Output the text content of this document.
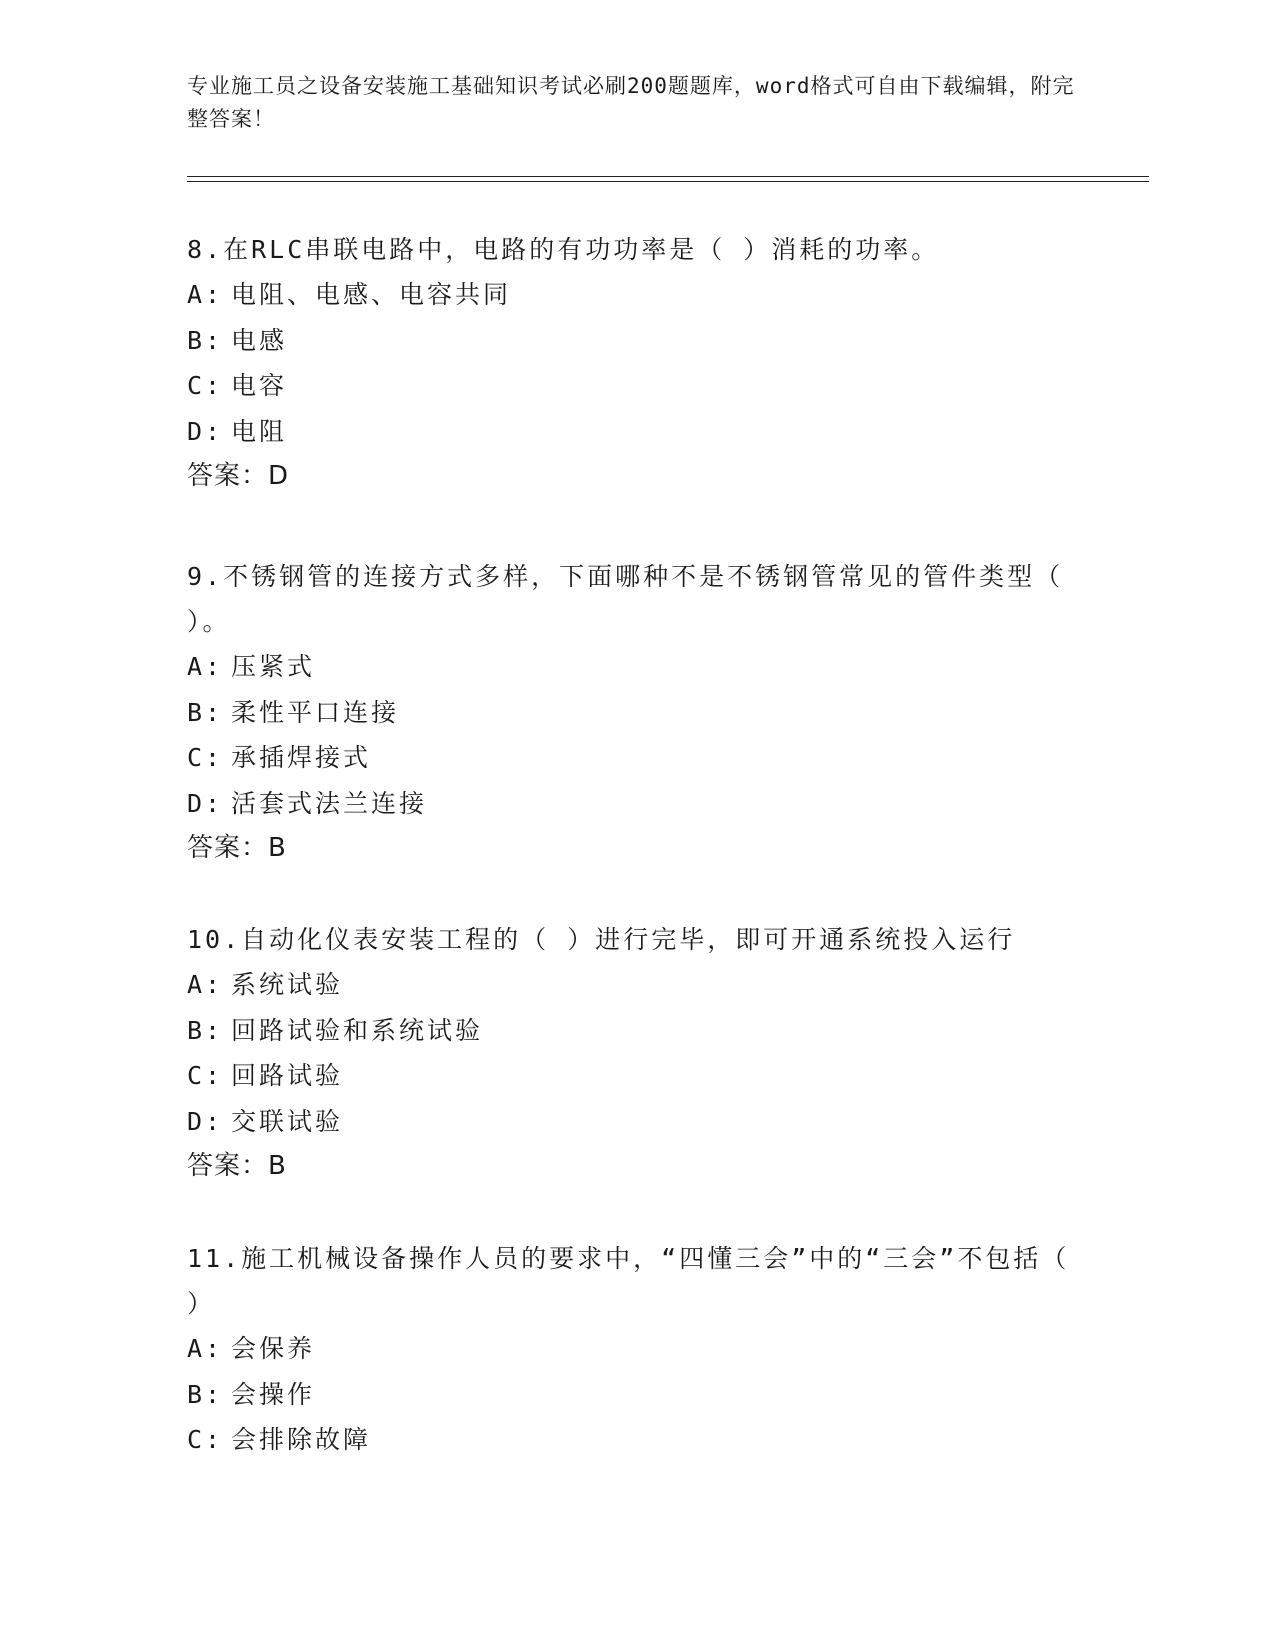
专业施工员之设备安装施工基础知识考试必刷200题题库，word格式可自由下载编辑，附完整答案！

8.在RLC串联电路中，电路的有功功率是（ ）消耗的功率。

A: 电阻、电感、电容共同

B: 电感

C: 电容

D: 电阻

答案：D

9.不锈钢管的连接方式多样，下面哪种不是不锈钢管常见的管件类型（ ）。

A: 压紧式

B: 柔性平口连接

C: 承插焊接式

D: 活套式法兰连接

答案：B

10.自动化仪表安装工程的（ ）进行完毕，即可开通系统投入运行

A: 系统试验

B: 回路试验和系统试验

C: 回路试验

D: 交联试验

答案：B

11.施工机械设备操作人员的要求中，“四懂三会”中的“三会”不包括（ ）

A: 会保养

B: 会操作

C: 会排除故障
